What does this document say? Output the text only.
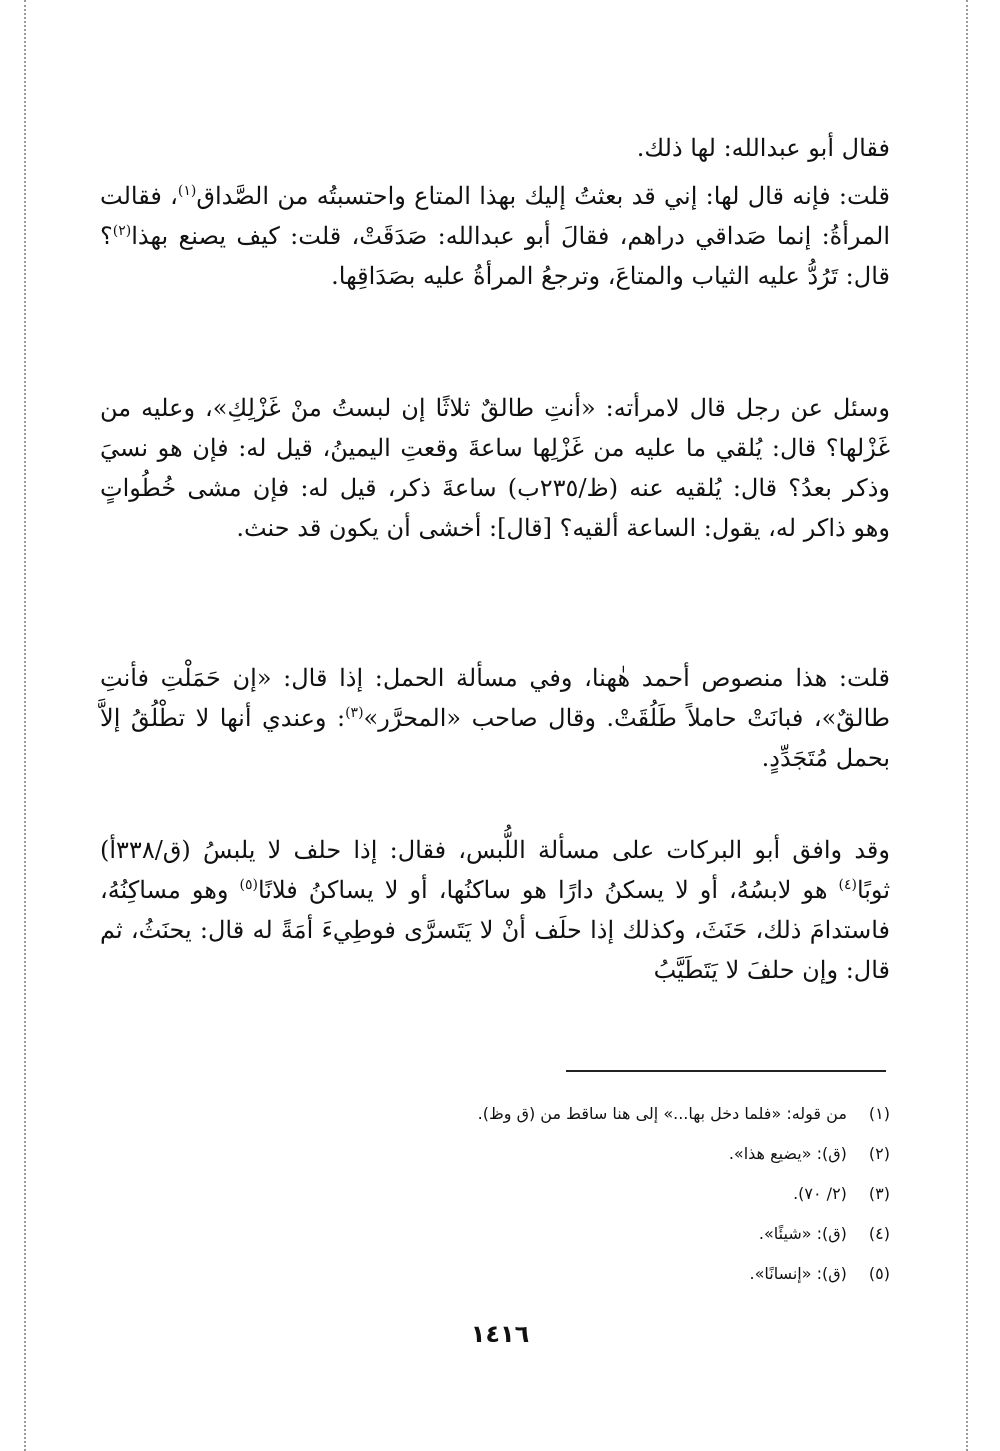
فقال أبو عبدالله: لها ذلك.

قلت: فإنه قال لها: إني قد بعثتُ إليك بهذا المتاع واحتسبتُه من الصَّداق$^{(١)}$، فقالت المرأةُ: إنما صَداقي دراهم، فقالَ أبو عبدالله: صَدَقَتْ، قلت: كيف يصنع بهذا$^{(٢)}$؟ قال: تَرُدُّ عليه الثياب والمتاعَ، وترجعُ المرأةُ عليه بصَدَاقِها.

وسئل عن رجل قال لامرأته: «أنتِ طالقٌ ثلاثًا إن لبستُ منْ غَزْلِكِ»، وعليه من غَزْلها؟ قال: يُلقي ما عليه من غَزْلِها ساعةَ وقعتِ اليمينُ، قيل له: فإن هو نسيَ وذكر بعدُ؟ قال: يُلقيه عنه (ظ/٢٣٥ب) ساعةَ ذكر، قيل له: فإن مشى خُطُواتٍ وهو ذاكر له، يقول: الساعة ألقيه؟ [قال]: أخشى أن يكون قد حنث.

قلت: هذا منصوص أحمد هٰهنا، وفي مسألة الحمل: إذا قال: «إن حَمَلْتِ فأنتِ طالقٌ»، فبانَتْ حاملاً طَلُقَتْ. وقال صاحب «المحرَّر»$^{(٣)}$: وعندي أنها لا تطْلُقُ إلاَّ بحمل مُتَجَدِّدٍ.

وقد وافق أبو البركات على مسألة اللُّبس، فقال: إذا حلف لا يلبسُ (ق/٣٣٨أ) ثوبًا$^{(٤)}$ هو لابسُهُ، أو لا يسكنُ دارًا هو ساكنُها، أو لا يساكنُ فلانًا$^{(٥)}$ وهو مساكِنُهُ، فاستدامَ ذلك، حَنَثَ، وكذلك إذا حلَف أنْ لا يَتَسرَّى فوطِيءَ أمَةً له قال: يحنَثُ، ثم قال: وإن حلفَ لا يَتَطَيَّبُ

(١) من قوله: «فلما دخل بها...» إلى هنا ساقط من (ق وظ).

(٢) (ق): «يضيع هذا».

(٣) (٢/ ٧٠).

(٤) (ق): «شيئًا».

(٥) (ق): «إنسانًا».

١٤١٦
